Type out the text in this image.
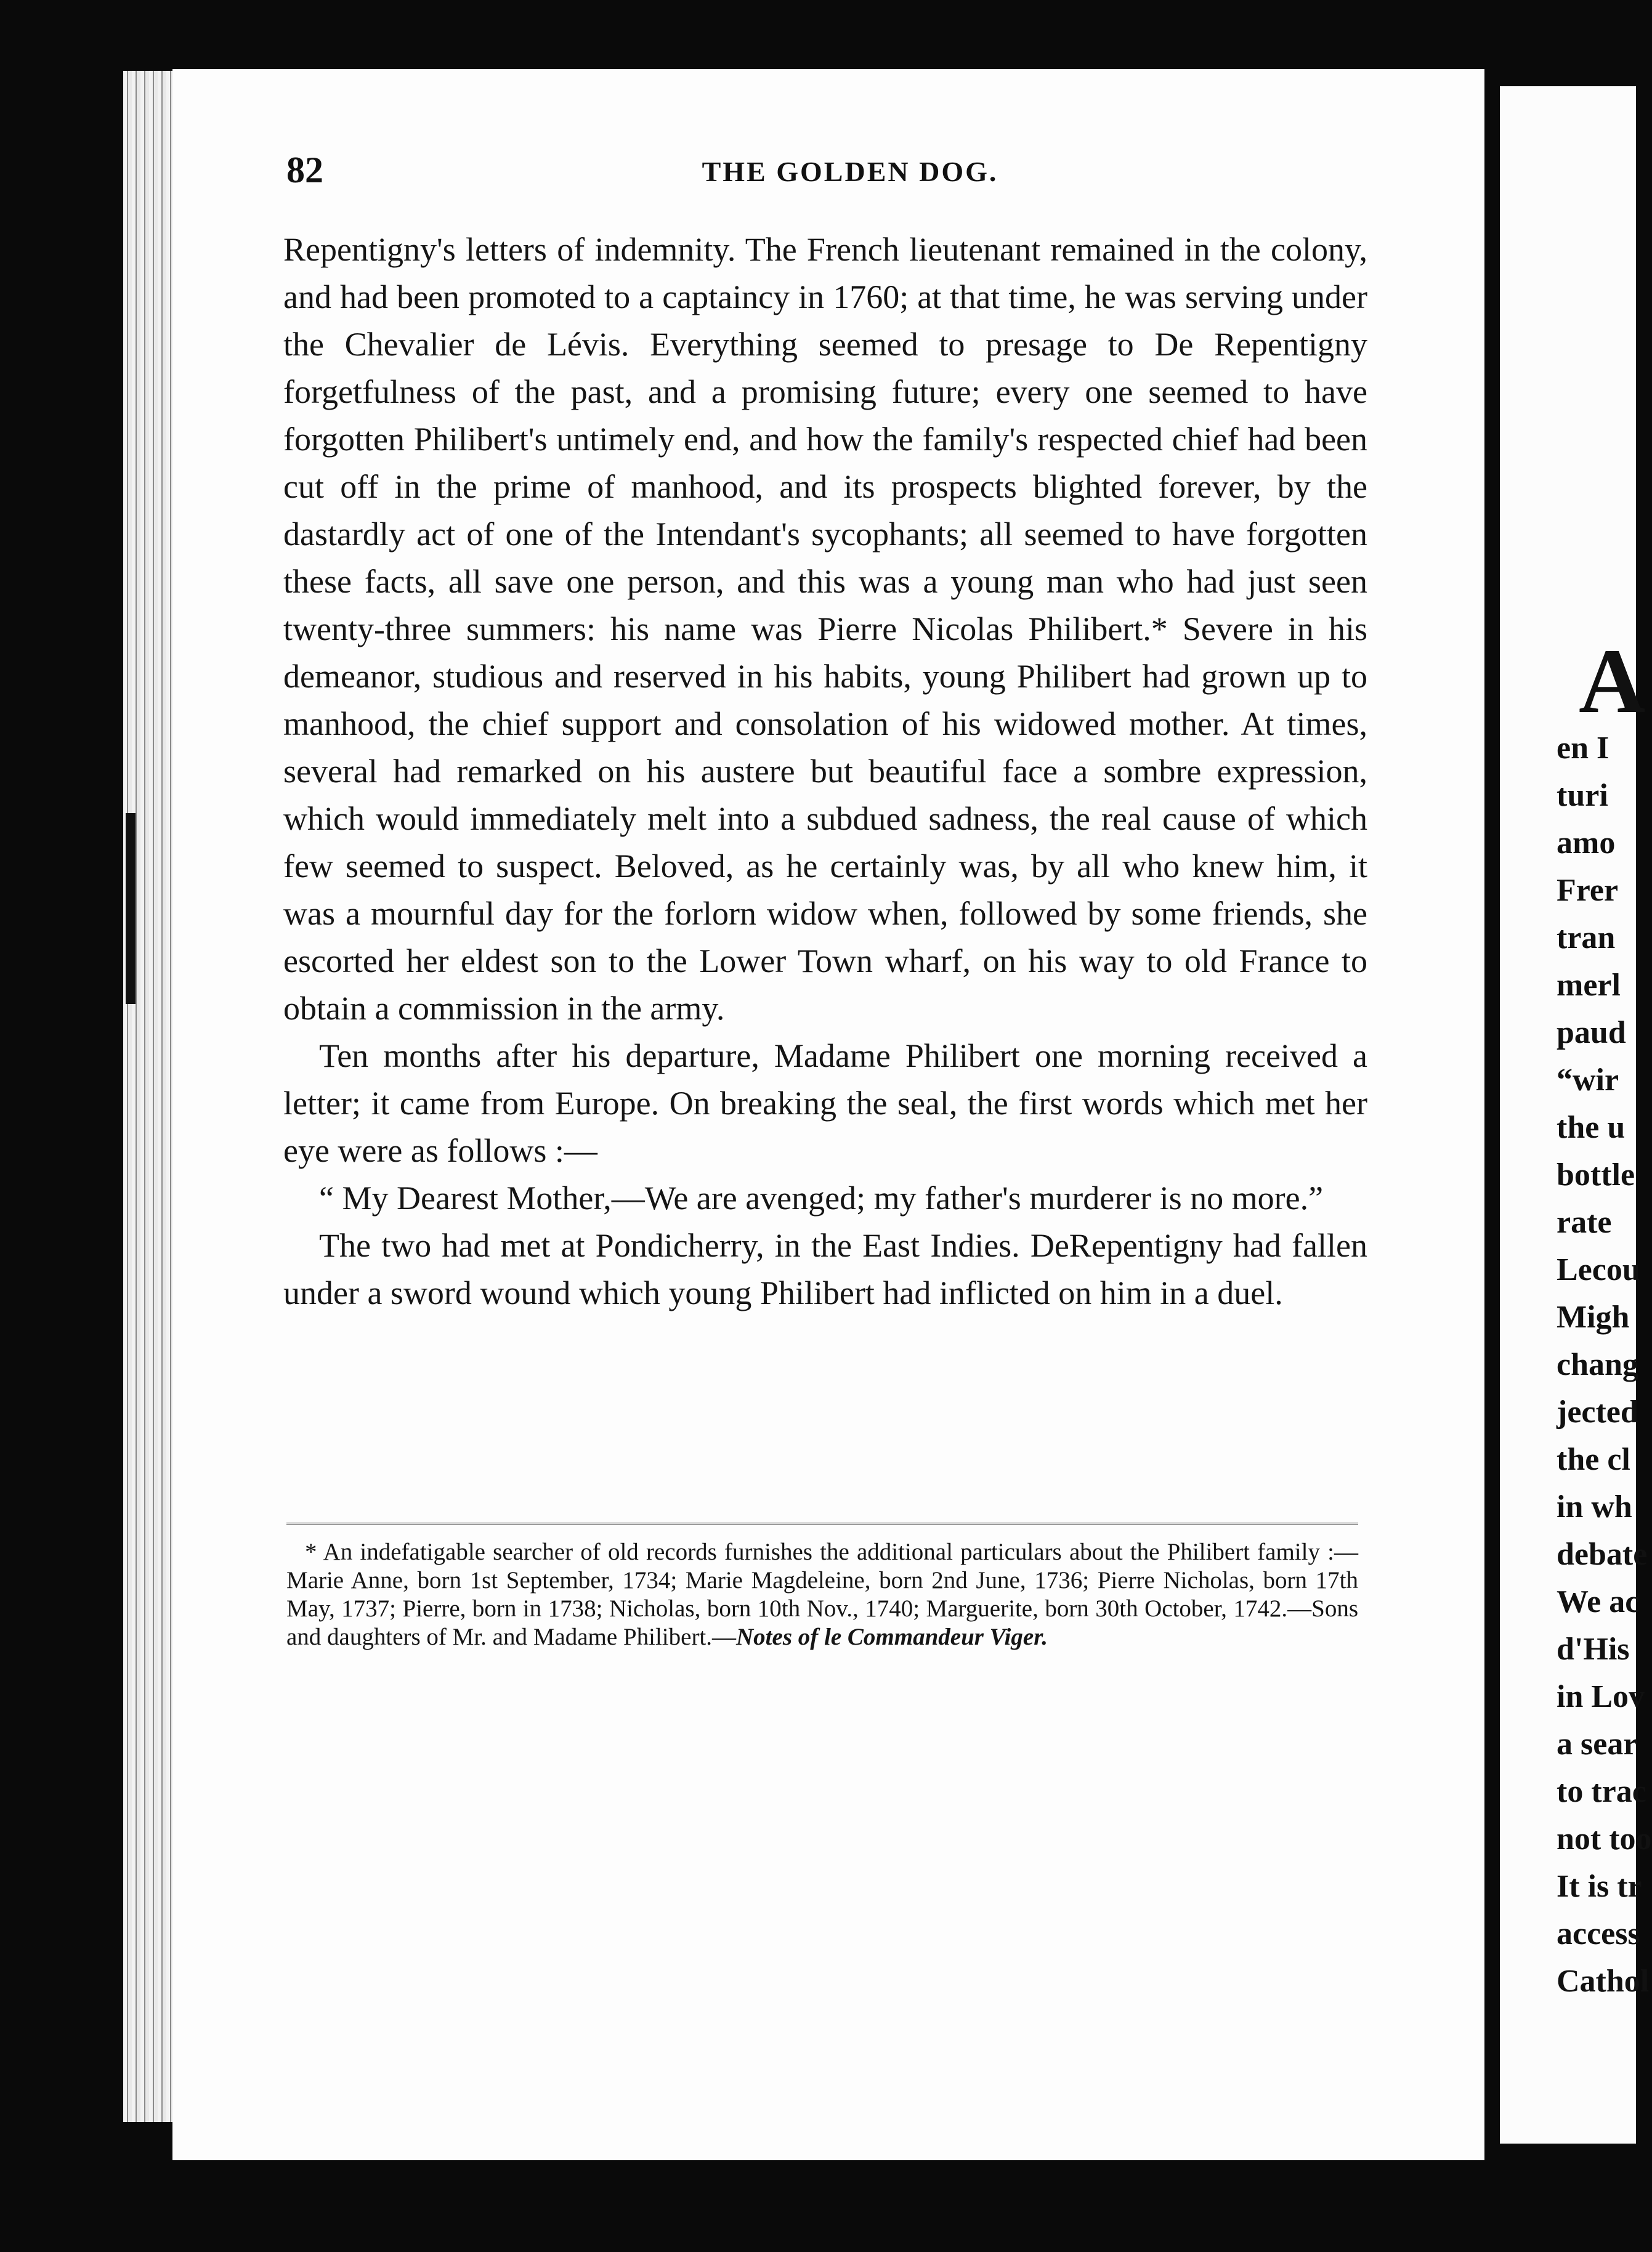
82	THE GOLDEN DOG.

Repentigny's letters of indemnity. The French lieutenant remained in the colony, and had been promoted to a captaincy in 1760; at that time, he was serving under the Chevalier de Lévis. Everything seemed to presage to De Repentigny forgetfulness of the past, and a promising future; every one seemed to have forgotten Philibert's untimely end, and how the family's respected chief had been cut off in the prime of manhood, and its prospects blighted forever, by the dastardly act of one of the Intendant's sycophants; all seemed to have forgotten these facts, all save one person, and this was a young man who had just seen twenty-three summers: his name was Pierre Nicolas Philibert.* Severe in his demeanor, studious and reserved in his habits, young Philibert had grown up to manhood, the chief support and consolation of his widowed mother. At times, several had remarked on his austere but beautiful face a sombre expression, which would immediately melt into a subdued sadness, the real cause of which few seemed to suspect. Beloved, as he certainly was, by all who knew him, it was a mournful day for the forlorn widow when, followed by some friends, she escorted her eldest son to the Lower Town wharf, on his way to old France to obtain a commission in the army.

Ten months after his departure, Madame Philibert one morning received a letter; it came from Europe. On breaking the seal, the first words which met her eye were as follows :—

“ My Dearest Mother,—We are avenged; my father's murderer is no more.”

The two had met at Pondicherry, in the East Indies. DeRepentigny had fallen under a sword wound which young Philibert had inflicted on him in a duel.

* An indefatigable searcher of old records furnishes the additional particulars about the Philibert family :—Marie Anne, born 1st September, 1734; Marie Magdeleine, born 2nd June, 1736; Pierre Nicholas, born 17th May, 1737; Pierre, born in 1738; Nicholas, born 10th Nov., 1740; Marguerite, born 30th October, 1742.—Sons and daughters of Mr. and Madame Philibert.—Notes of le Commandeur Viger.

A
en I
turi
amo
Frer
tran
merl
paud
“wir
the u
bottle
rate
Lecou
Migh
chang
jected
the cl
in wh
debate
We ac
d'His
in Lov
a sear
to trac
not too
It is tr
access
Cathol
